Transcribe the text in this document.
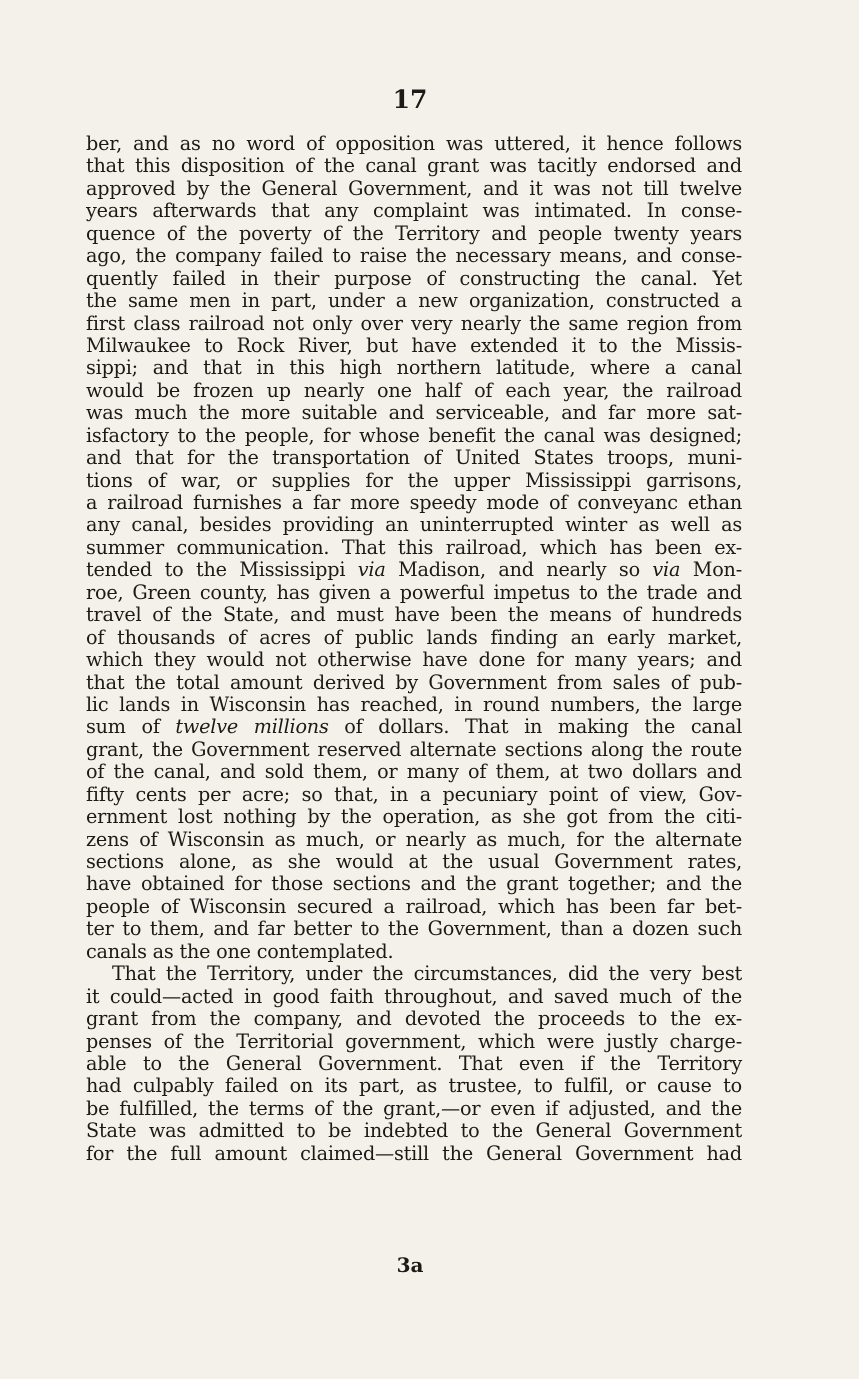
17
ber, and as no word of opposition was uttered, it hence follows
that this disposition of the canal grant was tacitly endorsed and
approved by the General Government, and it was not till twelve
years afterwards that any complaint was intimated. In conse-
quence of the poverty of the Territory and people twenty years
ago, the company failed to raise the necessary means, and conse-
quently failed in their purpose of constructing the canal. Yet
the same men in part, under a new organization, constructed a
first class railroad not only over very nearly the same region from
Milwaukee to Rock River, but have extended it to the Missis-
sippi; and that in this high northern latitude, where a canal
would be frozen up nearly one half of each year, the railroad
was much the more suitable and serviceable, and far more sat-
isfactory to the people, for whose benefit the canal was designed;
and that for the transportation of United States troops, muni-
tions of war, or supplies for the upper Mississippi garrisons,
a railroad furnishes a far more speedy mode of conveyanc ethan
any canal, besides providing an uninterrupted winter as well as
summer communication. That this railroad, which has been ex-
tended to the Mississippi via Madison, and nearly so via Mon-
roe, Green county, has given a powerful impetus to the trade and
travel of the State, and must have been the means of hundreds
of thousands of acres of public lands finding an early market,
which they would not otherwise have done for many years; and
that the total amount derived by Government from sales of pub-
lic lands in Wisconsin has reached, in round numbers, the large
sum of twelve millions of dollars. That in making the canal
grant, the Government reserved alternate sections along the route
of the canal, and sold them, or many of them, at two dollars and
fifty cents per acre; so that, in a pecuniary point of view, Gov-
ernment lost nothing by the operation, as she got from the citi-
zens of Wisconsin as much, or nearly as much, for the alternate
sections alone, as she would at the usual Government rates,
have obtained for those sections and the grant together; and the
people of Wisconsin secured a railroad, which has been far bet-
ter to them, and far better to the Government, than a dozen such
canals as the one contemplated.
That the Territory, under the circumstances, did the very best
it could—acted in good faith throughout, and saved much of the
grant from the company, and devoted the proceeds to the ex-
penses of the Territorial government, which were justly charge-
able to the General Government. That even if the Territory
had culpably failed on its part, as trustee, to fulfil, or cause to
be fulfilled, the terms of the grant,—or even if adjusted, and the
State was admitted to be indebted to the General Government
for the full amount claimed—still the General Government had
3a
